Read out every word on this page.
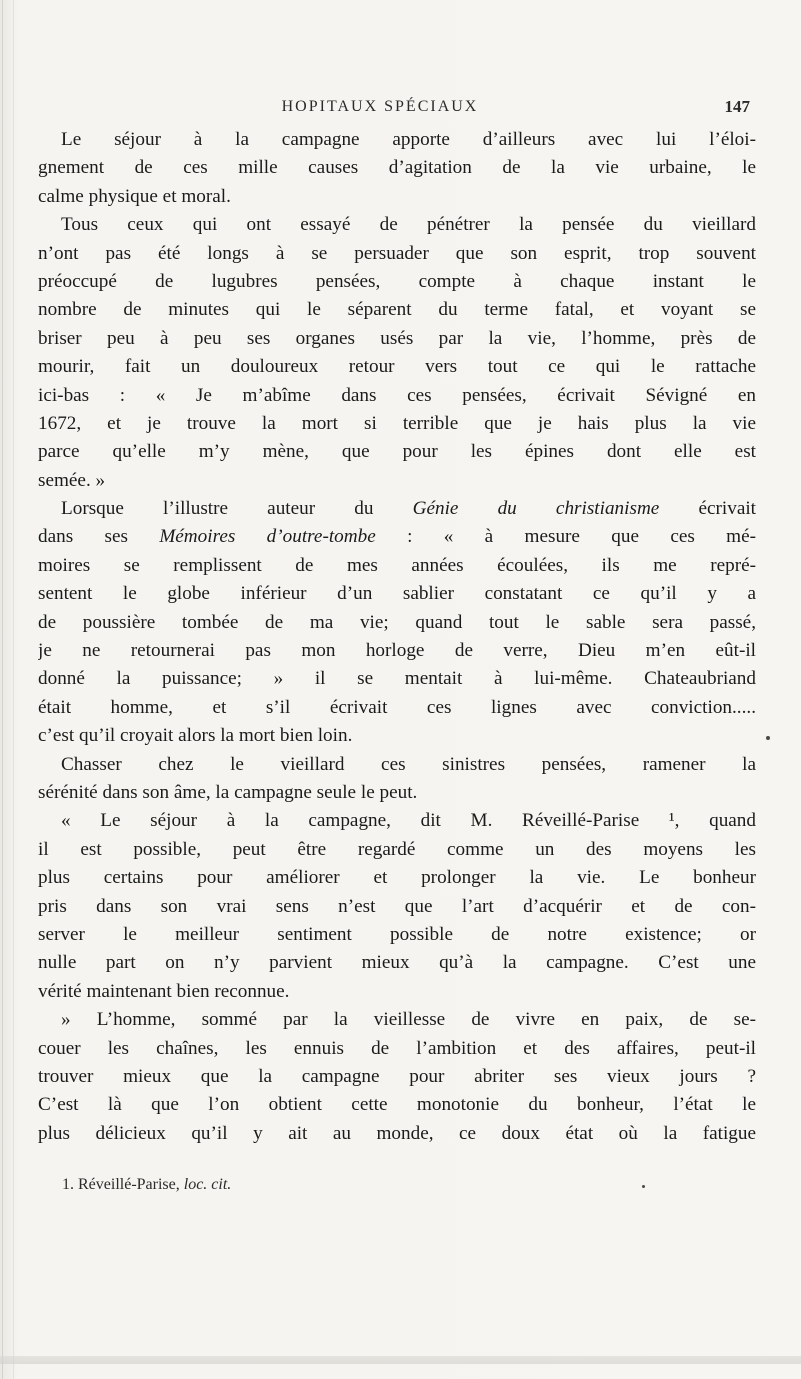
HOPITAUX SPÉCIAUX	147
Le séjour à la campagne apporte d’ailleurs avec lui l’éloi-
gnement de ces mille causes d’agitation de la vie urbaine, le
calme physique et moral.
Tous ceux qui ont essayé de pénétrer la pensée du vieillard
n’ont pas été longs à se persuader que son esprit, trop souvent
préoccupé de lugubres pensées, compte à chaque instant le
nombre de minutes qui le séparent du terme fatal, et voyant se
briser peu à peu ses organes usés par la vie, l’homme, près de
mourir, fait un douloureux retour vers tout ce qui le rattache
ici-bas : « Je m’abîme dans ces pensées, écrivait Sévigné en
1672, et je trouve la mort si terrible que je hais plus la vie
parce qu’elle m’y mène, que pour les épines dont elle est
semée. »
Lorsque l’illustre auteur du Génie du christianisme écrivait
dans ses Mémoires d’outre-tombe : « à mesure que ces mé-
moires se remplissent de mes années écoulées, ils me repré-
sentent le globe inférieur d’un sablier constatant ce qu’il y a
de poussière tombée de ma vie; quand tout le sable sera passé,
je ne retournerai pas mon horloge de verre, Dieu m’en eût-il
donné la puissance; » il se mentait à lui-même. Chateaubriand
était homme, et s’il écrivait ces lignes avec conviction.....
c’est qu’il croyait alors la mort bien loin.
Chasser chez le vieillard ces sinistres pensées, ramener la
sérénité dans son âme, la campagne seule le peut.
« Le séjour à la campagne, dit M. Réveillé-Parise ¹, quand
il est possible, peut être regardé comme un des moyens les
plus certains pour améliorer et prolonger la vie. Le bonheur
pris dans son vrai sens n’est que l’art d’acquérir et de con-
server le meilleur sentiment possible de notre existence; or
nulle part on n’y parvient mieux qu’à la campagne. C’est une
vérité maintenant bien reconnue.
» L’homme, sommé par la vieillesse de vivre en paix, de se-
couer les chaînes, les ennuis de l’ambition et des affaires, peut-il
trouver mieux que la campagne pour abriter ses vieux jours ?
C’est là que l’on obtient cette monotonie du bonheur, l’état le
plus délicieux qu’il y ait au monde, ce doux état où la fatigue
1. Réveillé-Parise, loc. cit.
